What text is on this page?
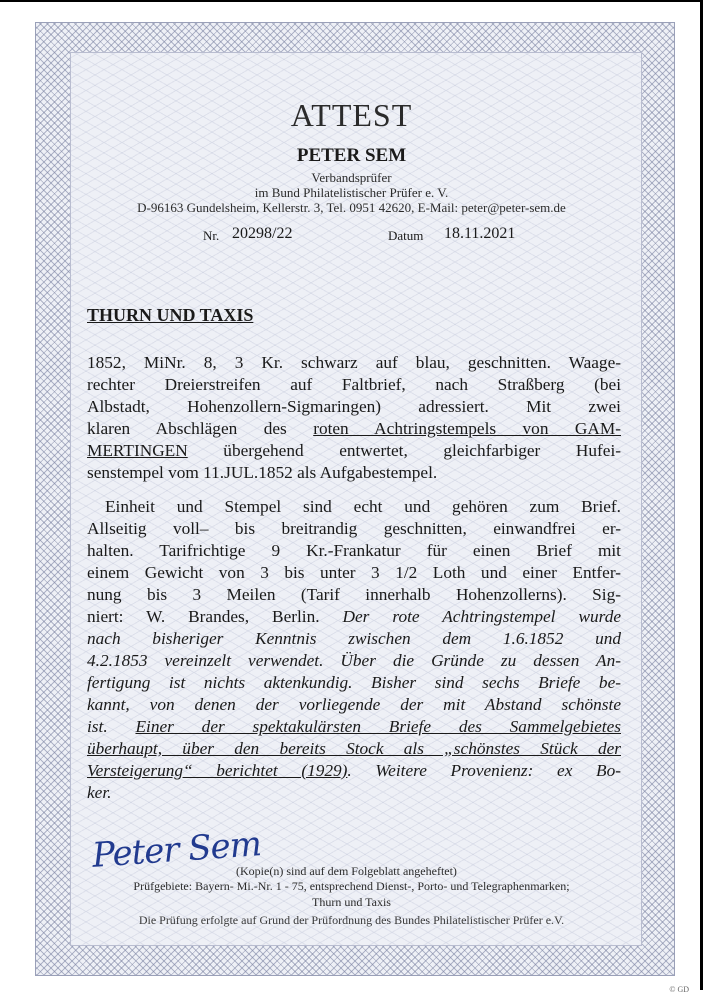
ATTEST
PETER SEM
Verbandsprüfer
im Bund Philatelistischer Prüfer e. V.
D-96163 Gundelsheim, Kellerstr. 3, Tel. 0951 42620, E-Mail: peter@peter-sem.de
Nr. 20298/22	Datum 18.11.2021
THURN UND TAXIS
1852, MiNr. 8, 3 Kr. schwarz auf blau, geschnitten. Waage-
rechter Dreierstreifen auf Faltbrief, nach Straßberg (bei
Albstadt, Hohenzollern-Sigmaringen) adressiert. Mit zwei
klaren Abschlägen des roten Achtringstempels von GAM-
MERTINGEN übergehend entwertet, gleichfarbiger Hufei-
senstempel vom 11.JUL.1852 als Aufgabestempel.
Einheit und Stempel sind echt und gehören zum Brief.
Allseitig voll– bis breitrandig geschnitten, einwandfrei er-
halten. Tarifrichtige 9 Kr.-Frankatur für einen Brief mit
einem Gewicht von 3 bis unter 3 1/2 Loth und einer Entfer-
nung bis 3 Meilen (Tarif innerhalb Hohenzollerns). Sig-
niert: W. Brandes, Berlin. Der rote Achtringstempel wurde
nach bisheriger Kenntnis zwischen dem 1.6.1852 und
4.2.1853 vereinzelt verwendet. Über die Gründe zu dessen An-
fertigung ist nichts aktenkundig. Bisher sind sechs Briefe be-
kannt, von denen der vorliegende der mit Abstand schönste
ist. Einer der spektakulärsten Briefe des Sammelgebietes
überhaupt, über den bereits Stock als „schönstes Stück der
Versteigerung“ berichtet (1929). Weitere Provenienz: ex Bo-
ker.
Peter Sem
(Kopie(n) sind auf dem Folgeblatt angeheftet)
Prüfgebiete: Bayern- Mi.-Nr. 1 - 75, entsprechend Dienst-, Porto- und Telegraphenmarken;
Thurn und Taxis
Die Prüfung erfolgte auf Grund der Prüfordnung des Bundes Philatelistischer Prüfer e.V.
© GD
